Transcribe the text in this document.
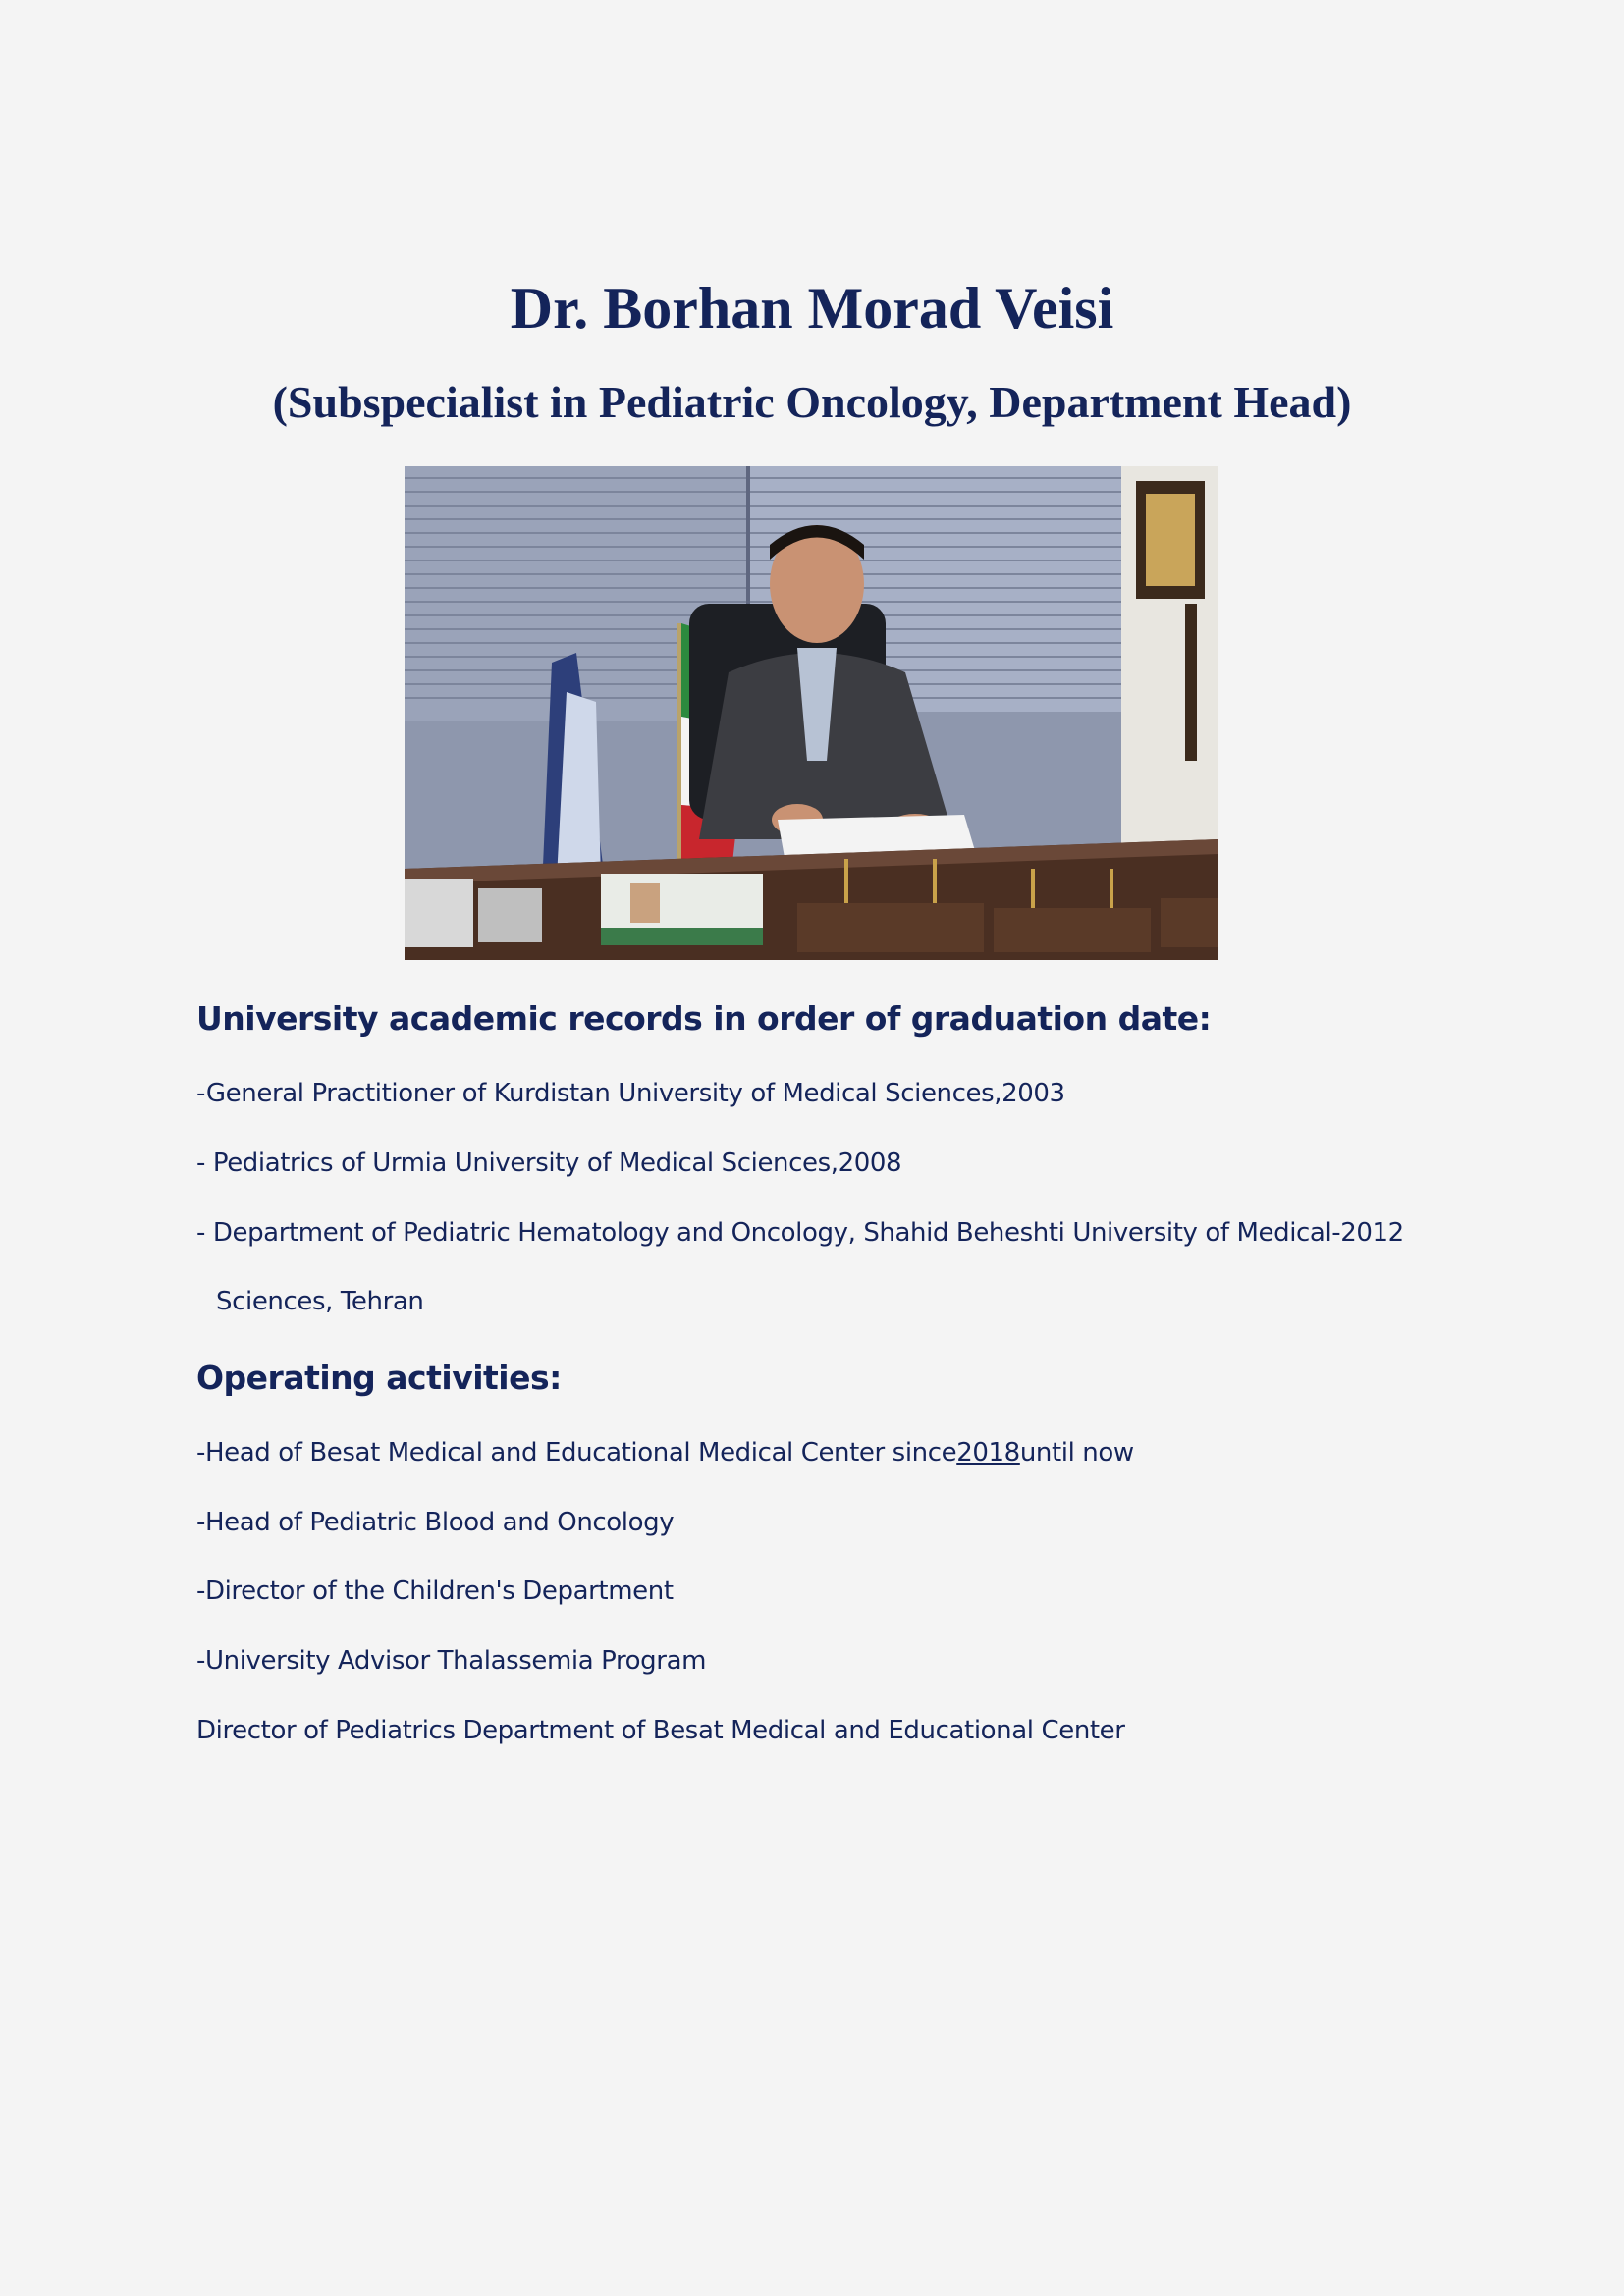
Dr. Borhan Morad Veisi
(Subspecialist in Pediatric Oncology, Department Head)
University academic records in order of graduation date:

-General Practitioner of Kurdistan University of Medical Sciences,2003

- Pediatrics of Urmia University of Medical Sciences,2008

- Department of Pediatric Hematology and Oncology, Shahid Beheshti University of Medical-2012

Sciences, Tehran

Operating activities:

-Head of Besat Medical and Educational Medical Center since2018until now

-Head of Pediatric Blood and Oncology

-Director of the Children's Department

-University Advisor Thalassemia Program

Director of Pediatrics Department of Besat Medical and Educational Center
